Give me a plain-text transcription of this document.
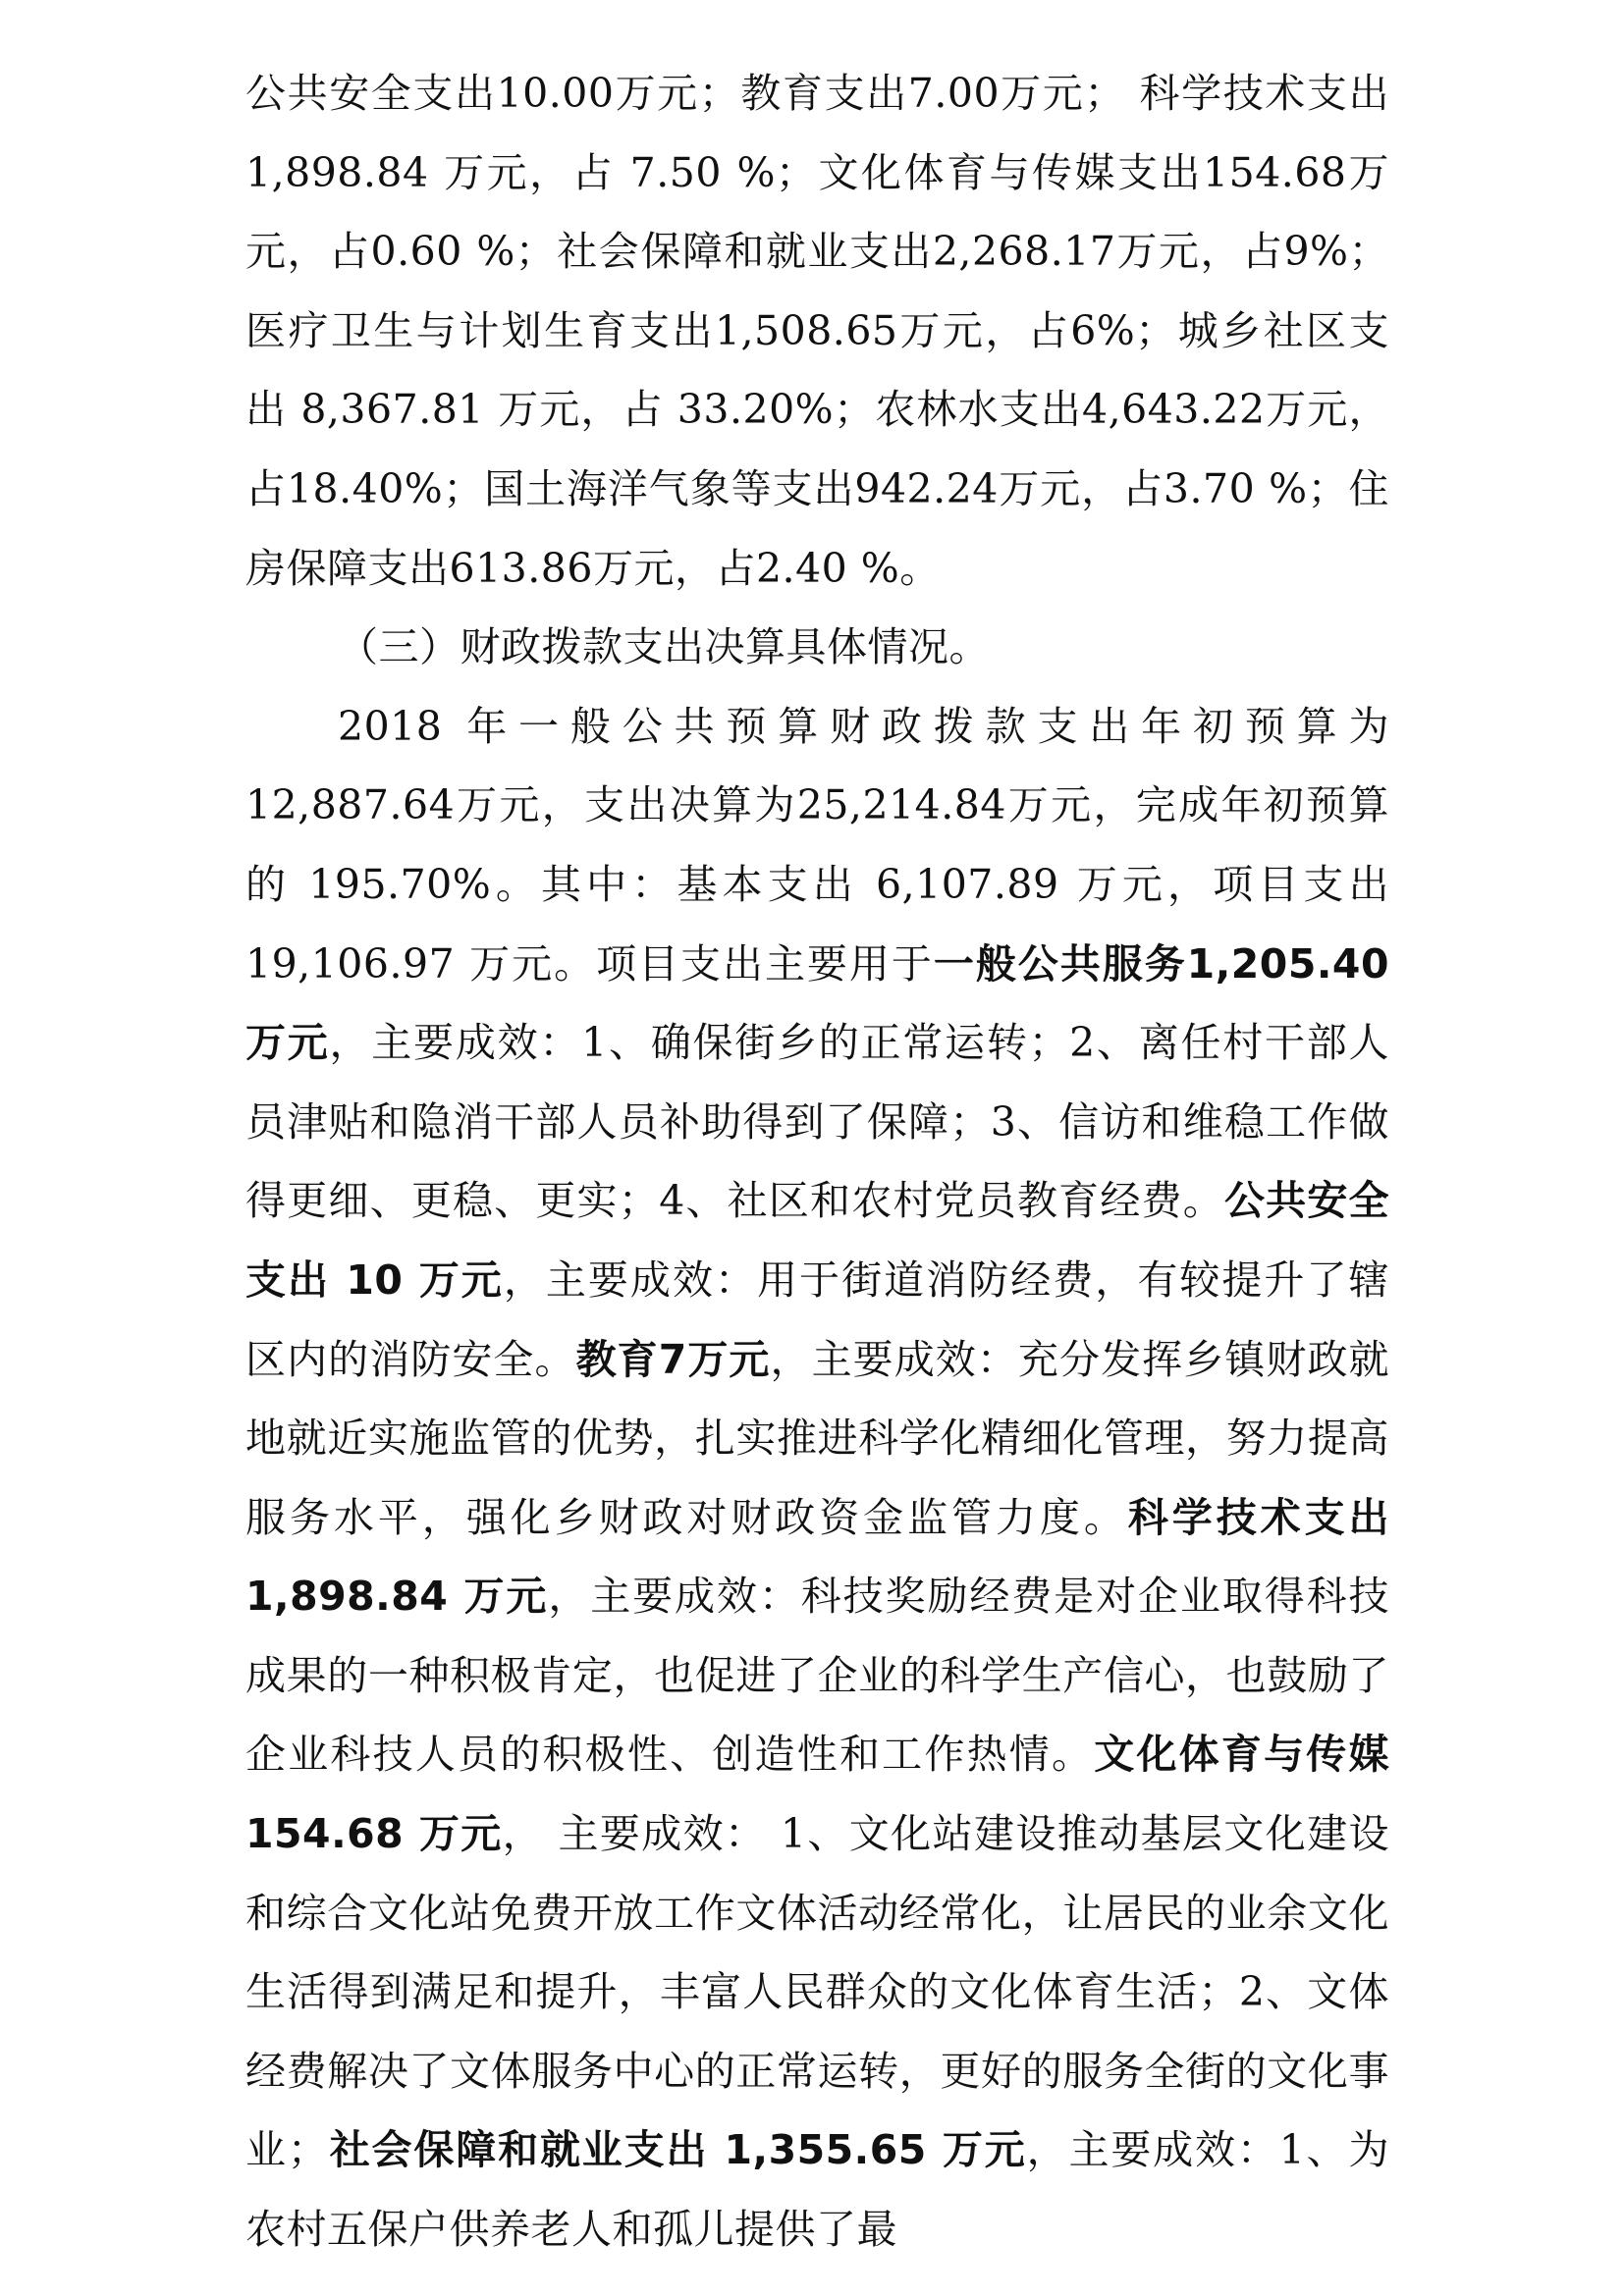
公共安全支出10.00万元；教育支出7.00万元； 科学技术支出 1,898.84 万元，占 7.50 %；文化体育与传媒支出154.68万元，占0.60 %；社会保障和就业支出2,268.17万元，占9%；医疗卫生与计划生育支出1,508.65万元，占6%；城乡社区支出 8,367.81 万元，占 33.20%；农林水支出4,643.22万元，占18.40%；国土海洋气象等支出942.24万元，占3.70 %；住房保障支出613.86万元，占2.40 %。

（三）财政拨款支出决算具体情况。

2018 年一般公共预算财政拨款支出年初预算为12,887.64万元，支出决算为25,214.84万元，完成年初预算的 195.70%。其中：基本支出 6,107.89 万元，项目支出19,106.97 万元。项目支出主要用于一般公共服务1,205.40 万元，主要成效：1、确保街乡的正常运转；2、离任村干部人员津贴和隐消干部人员补助得到了保障；3、信访和维稳工作做得更细、更稳、更实；4、社区和农村党员教育经费。公共安全支出 10 万元，主要成效：用于街道消防经费，有较提升了辖区内的消防安全。教育7万元，主要成效：充分发挥乡镇财政就地就近实施监管的优势，扎实推进科学化精细化管理，努力提高服务水平，强化乡财政对财政资金监管力度。科学技术支出 1,898.84 万元，主要成效：科技奖励经费是对企业取得科技成果的一种积极肯定，也促进了企业的科学生产信心，也鼓励了企业科技人员的积极性、创造性和工作热情。文化体育与传媒154.68 万元， 主要成效： 1、文化站建设推动基层文化建设和综合文化站免费开放工作文体活动经常化，让居民的业余文化生活得到满足和提升，丰富人民群众的文化体育生活；2、文体经费解决了文体服务中心的正常运转，更好的服务全街的文化事业；社会保障和就业支出 1,355.65 万元，主要成效：1、为农村五保户供养老人和孤儿提供了最
